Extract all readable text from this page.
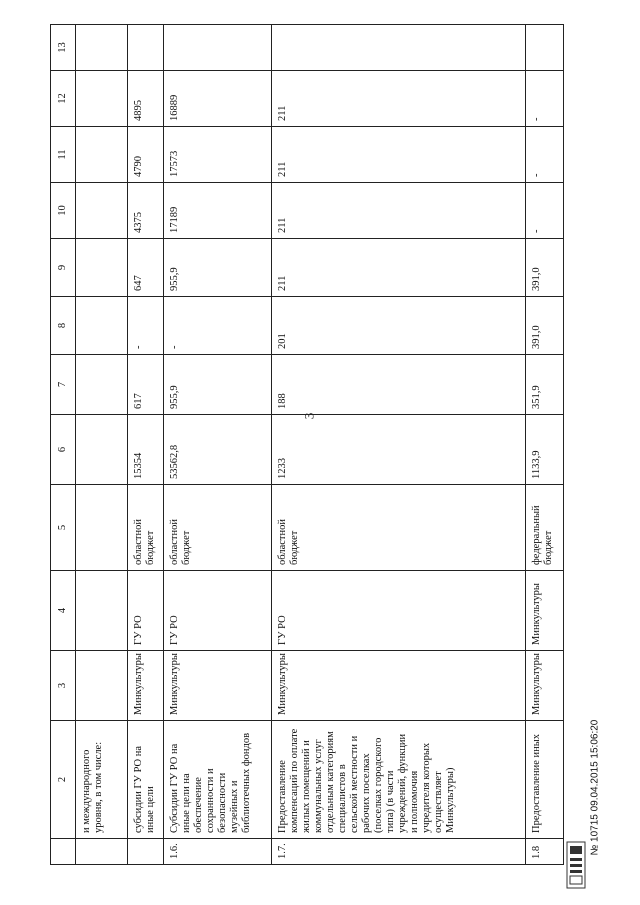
3
	2	3	4	5	6	7	8	9	10	11	12	13
	и международного уровня, в том числе:											
	субсидии ГУ РО на иные цели	Минкультуры	ГУ РО	областной бюджет	15354	617	-	647	4375	4790	4895	
1.6.	Субсидии ГУ РО на иные цели на обеспечение сохранности и безопасности музейных и библиотечных фондов	Минкультуры	ГУ РО	областной бюджет	53562,8	955,9	-	955,9	17189	17573	16889	
1.7.	Предоставление компенсаций по оплате жилых помещений и коммунальных услуг отдельным категориям специалистов в сельской местности и рабочих поселках (поселках городского типа) (в части учреждений, функции и полномочия учредителя которых осуществляет Минкультуры)	Минкультуры	ГУ РО	областной бюджет	1233	188	201	211	211	211	211	
1.8	Предоставление иных	Минкультуры	Минкультуры	федеральный бюджет	1133,9	351,9	391,0	391,0	-	-	-	
№ 10715 09.04.2015 15:06:20
